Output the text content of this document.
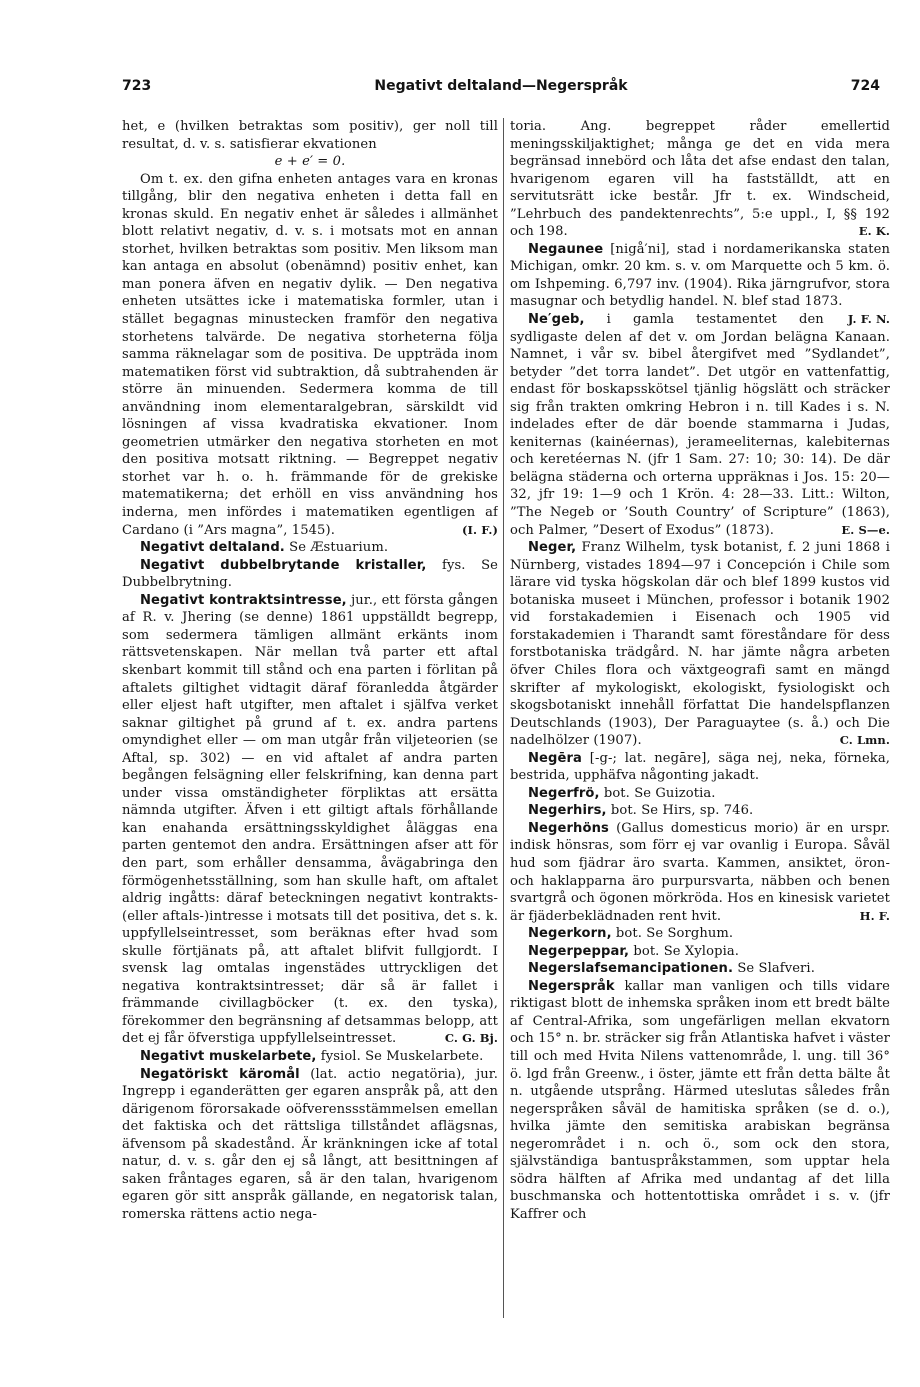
723	Negativt deltaland—Negerspråk	724

het, e (hvilken betraktas som positiv), ger noll till resultat, d. v. s. satisfierar ekvationen

e + e′ = 0.

Om t. ex. den gifna enheten antages vara en kronas tillgång, blir den negativa enheten i detta fall en kronas skuld. En negativ enhet är således i allmänhet blott relativt negativ, d. v. s. i motsats mot en annan storhet, hvilken betraktas som positiv. Men liksom man kan antaga en absolut (obenämnd) positiv enhet, kan man ponera äfven en negativ dylik. — Den negativa enheten utsättes icke i matematiska formler, utan i stället begagnas minustecken framför den negativa storhetens talvärde. De negativa storheterna följa samma räknelagar som de positiva. De uppträda inom matematiken först vid subtraktion, då subtrahenden är större än minuenden. Sedermera komma de till användning inom elementaralgebran, särskildt vid lösningen af vissa kvadratiska ekvationer. Inom geometrien utmärker den negativa storheten en mot den positiva motsatt riktning. — Begreppet negativ storhet var h. o. h. främmande för de grekiske matematikerna; det erhöll en viss användning hos inderna, men infördes i matematiken egentligen af Cardano (i ”Ars magna”, 1545).	(I. F.)

Negativt deltaland. Se Æstuarium.

Negativt dubbelbrytande kristaller, fys. Se Dubbelbrytning.

Negativt kontraktsintresse, jur., ett första gången af R. v. Jhering (se denne) 1861 uppställdt begrepp, som sedermera tämligen allmänt erkänts inom rättsvetenskapen. När mellan två parter ett aftal skenbart kommit till stånd och ena parten i förlitan på aftalets giltighet vidtagit däraf föranledda åtgärder eller eljest haft utgifter, men aftalet i själfva verket saknar giltighet på grund af t. ex. andra partens omyndighet eller — om man utgår från viljeteorien (se Aftal, sp. 302) — en vid aftalet af andra parten begången felsägning eller felskrifning, kan denna part under vissa omständigheter förpliktas att ersätta nämnda utgifter. Äfven i ett giltigt aftals förhållande kan enahanda ersättningsskyldighet åläggas ena parten gentemot den andra. Ersättningen afser att för den part, som erhåller densamma, åvägabringa den förmögenhetsställning, som han skulle haft, om aftalet aldrig ingåtts: däraf beteckningen negativt kontrakts- (eller aftals-)intresse i motsats till det positiva, det s. k. uppfyllelseintresset, som beräknas efter hvad som skulle förtjänats på, att aftalet blifvit fullgjordt. I svensk lag omtalas ingenstädes uttryckligen det negativa kontraktsintresset; där så är fallet i främmande civillagböcker (t. ex. den tyska), förekommer den begränsning af detsammas belopp, att det ej får öfverstiga uppfyllelseintresset.	C. G. Bj.

Negativt muskelarbete, fysiol. Se Muskelarbete.

Negatöriskt käromål (lat. actio negatöria), jur. Ingrepp i eganderätten ger egaren anspråk på, att den därigenom förorsakade oöfverenssstämmelsen emellan det faktiska och det rättsliga tillståndet aflägsnas, äfvensom på skadestånd. Är kränkningen icke af total natur, d. v. s. går den ej så långt, att besittningen af saken fråntages egaren, så är den talan, hvarigenom egaren gör sitt anspråk gällande, en negatorisk talan, romerska rättens actio nega-

toria. Ang. begreppet råder emellertid meningsskiljaktighet; många ge det en vida mera begränsad innebörd och låta det afse endast den talan, hvarigenom egaren vill ha fastställdt, att en servitutsrätt icke består. Jfr t. ex. Windscheid, ”Lehrbuch des pandektenrechts”, 5:e uppl., I, §§ 192 och 198.	E. K.

Negaunee [nigå′ni], stad i nordamerikanska staten Michigan, omkr. 20 km. s. v. om Marquette och 5 km. ö. om Ishpeming. 6,797 inv. (1904). Rika järngrufvor, stora masugnar och betydlig handel. N. blef stad 1873.
J. F. N.

Ne′geb, i gamla testamentet den sydligaste delen af det v. om Jordan belägna Kanaan. Namnet, i vår sv. bibel återgifvet med ”Sydlandet”, betyder ”det torra landet”. Det utgör en vattenfattig, endast för boskapsskötsel tjänlig högslätt och sträcker sig från trakten omkring Hebron i n. till Kades i s. N. indelades efter de där boende stammarna i Judas, keniternas (kainéernas), jerameeliternas, kalebiternas och keretéernas N. (jfr 1 Sam. 27: 10; 30: 14). De där belägna städerna och orterna uppräknas i Jos. 15: 20—32, jfr 19: 1—9 och 1 Krön. 4: 28—33. Litt.: Wilton, ”The Negeb or ’South Country’ of Scripture” (1863), och Palmer, ”Desert of Exodus” (1873).	E. S—e.

Neger, Franz Wilhelm, tysk botanist, f. 2 juni 1868 i Nürnberg, vistades 1894—97 i Concepción i Chile som lärare vid tyska högskolan där och blef 1899 kustos vid botaniska museet i München, professor i botanik 1902 vid forstakademien i Eisenach och 1905 vid forstakademien i Tharandt samt föreståndare för dess forstbotaniska trädgård. N. har jämte några arbeten öfver Chiles flora och växtgeografi samt en mängd skrifter af mykologiskt, ekologiskt, fysiologiskt och skogsbotaniskt innehåll författat Die handelspflanzen Deutschlands (1903), Der Paraguaytee (s. å.) och Die nadelhölzer (1907).	C. Lmn.

Negēra [-g-; lat. negāre], säga nej, neka, förneka, bestrida, upphäfva någonting jakadt.

Negerfrö, bot. Se Guizotia.

Negerhirs, bot. Se Hirs, sp. 746.

Negerhöns (Gallus domesticus morio) är en urspr. indisk hönsras, som förr ej var ovanlig i Europa. Såväl hud som fjädrar äro svarta. Kammen, ansiktet, öron- och haklapparna äro purpursvarta, näbben och benen svartgrå och ögonen mörkröda. Hos en kinesisk varietet är fjäderbeklädnaden rent hvit.	H. F.

Negerkorn, bot. Se Sorghum.

Negerpeppar, bot. Se Xylopia.

Negerslafsemancipationen. Se Slafveri.

Negerspråk kallar man vanligen och tills vidare riktigast blott de inhemska språken inom ett bredt bälte af Central-Afrika, som ungefärligen mellan ekvatorn och 15° n. br. sträcker sig från Atlantiska hafvet i väster till och med Hvita Nilens vattenområde, l. ung. till 36° ö. lgd från Greenw., i öster, jämte ett från detta bälte åt n. utgående utsprång. Härmed uteslutas således från negerspråken såväl de hamitiska språken (se d. o.), hvilka jämte den semitiska arabiskan begränsa negerområdet i n. och ö., som ock den stora, självständiga bantuspråkstammen, som upptar hela södra hälften af Afrika med undantag af det lilla buschmanska och hottentottiska området i s. v. (jfr Kaffrer och
